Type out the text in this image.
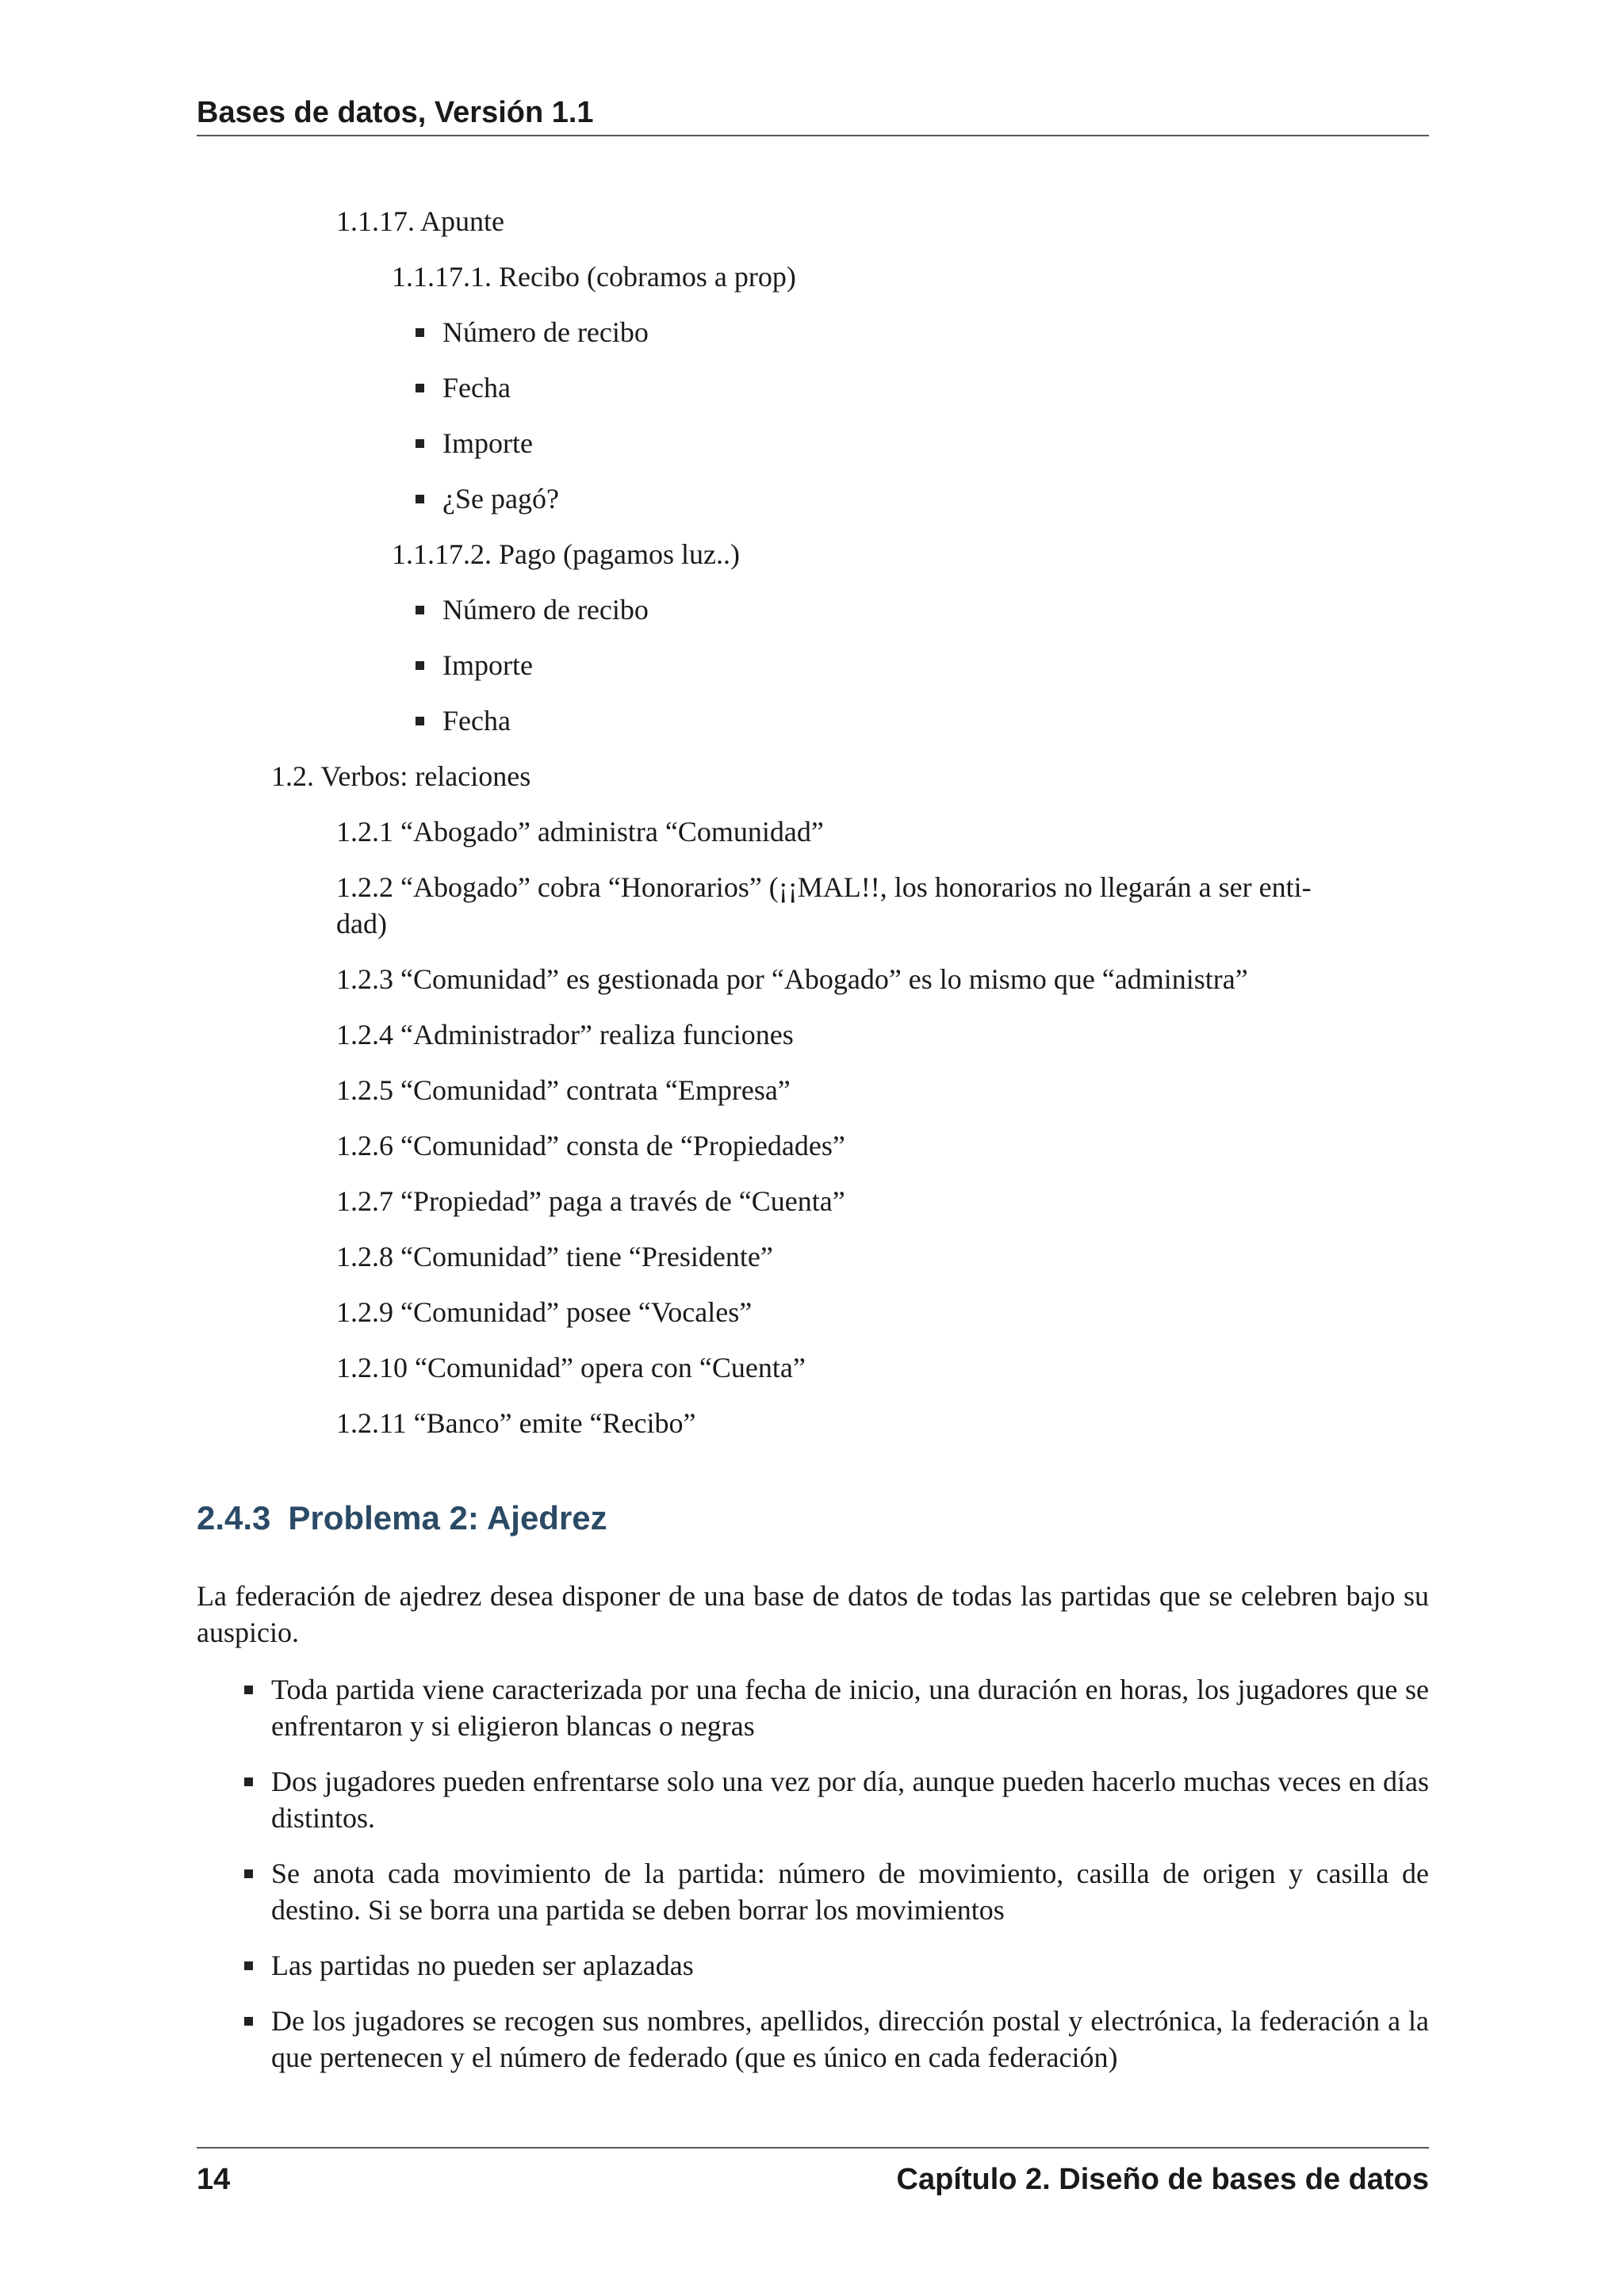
Bases de datos, Versión 1.1
1.1.17. Apunte
1.1.17.1. Recibo (cobramos a prop)
Número de recibo
Fecha
Importe
¿Se pagó?
1.1.17.2. Pago (pagamos luz..)
Número de recibo
Importe
Fecha
1.2. Verbos: relaciones
1.2.1 “Abogado” administra “Comunidad”
1.2.2 “Abogado” cobra “Honorarios” (¡¡MAL!!, los honorarios no llegarán a ser enti-
dad)
1.2.3 “Comunidad” es gestionada por “Abogado” es lo mismo que “administra”
1.2.4 “Administrador” realiza funciones
1.2.5 “Comunidad” contrata “Empresa”
1.2.6 “Comunidad” consta de “Propiedades”
1.2.7 “Propiedad” paga a través de “Cuenta”
1.2.8 “Comunidad” tiene “Presidente”
1.2.9 “Comunidad” posee “Vocales”
1.2.10 “Comunidad” opera con “Cuenta”
1.2.11 “Banco” emite “Recibo”
2.4.3 Problema 2: Ajedrez
La federación de ajedrez desea disponer de una base de datos de todas las partidas que se celebren bajo su auspicio.
Toda partida viene caracterizada por una fecha de inicio, una duración en horas, los jugadores que se enfrentaron y si eligieron blancas o negras
Dos jugadores pueden enfrentarse solo una vez por día, aunque pueden hacerlo muchas veces en días distintos.
Se anota cada movimiento de la partida: número de movimiento, casilla de origen y casilla de destino. Si se borra una partida se deben borrar los movimientos
Las partidas no pueden ser aplazadas
De los jugadores se recogen sus nombres, apellidos, dirección postal y electrónica, la federación a la que pertenecen y el número de federado (que es único en cada federación)
14	Capítulo 2. Diseño de bases de datos
